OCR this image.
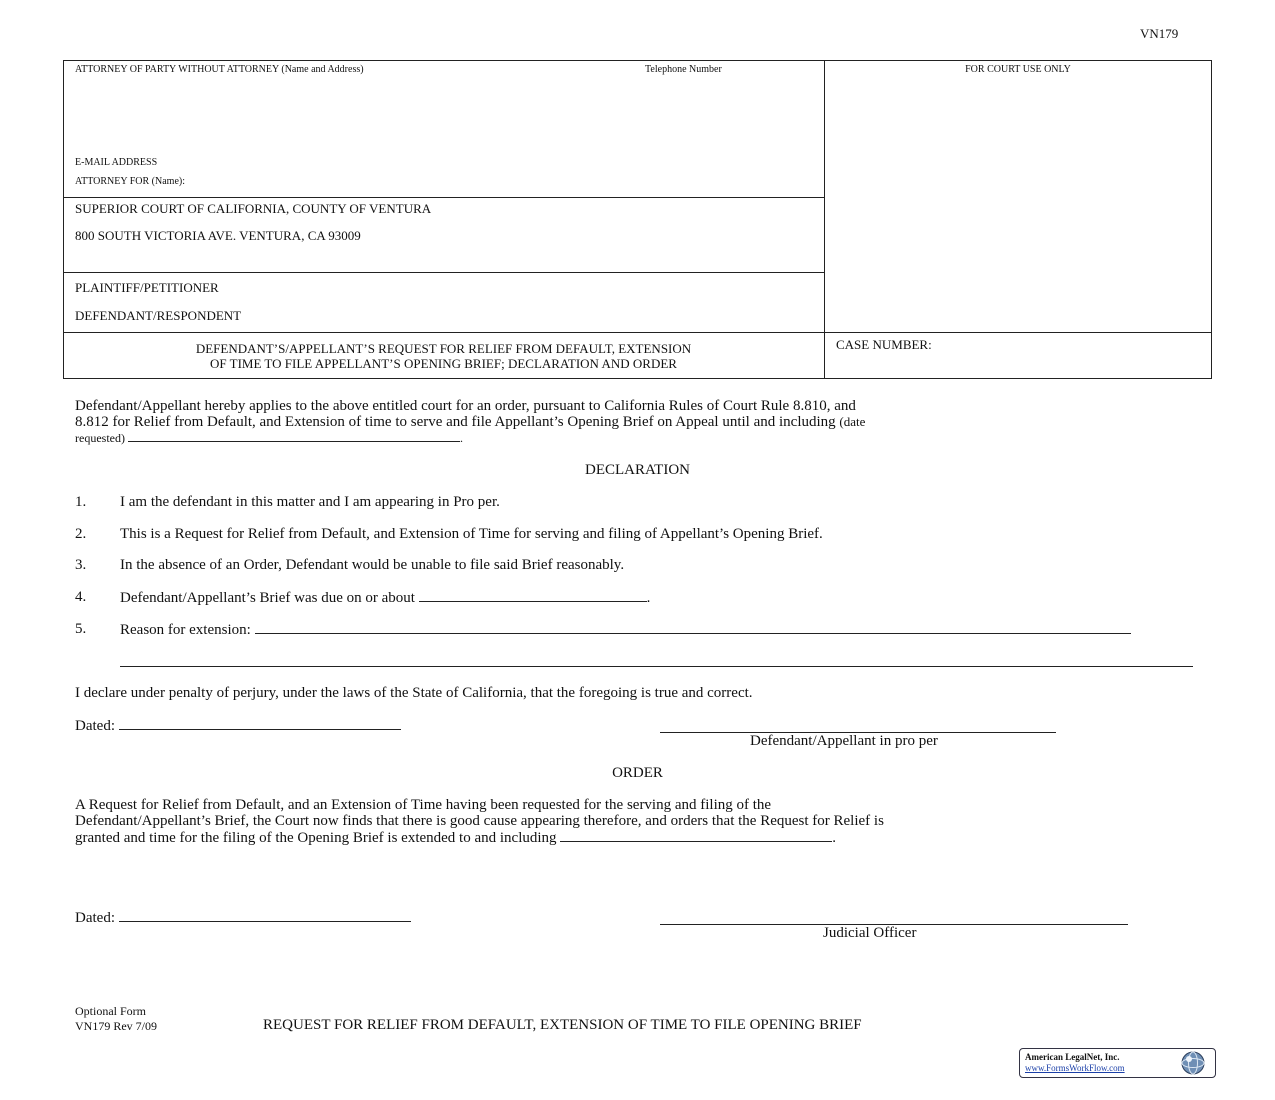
VN179
ATTORNEY OF PARTY WITHOUT ATTORNEY (Name and Address)	Telephone Number	FOR COURT USE ONLY
E-MAIL ADDRESS
ATTORNEY FOR (Name):
SUPERIOR COURT OF CALIFORNIA, COUNTY OF VENTURA
800 SOUTH VICTORIA AVE. VENTURA, CA 93009
PLAINTIFF/PETITIONER
DEFENDANT/RESPONDENT
DEFENDANT’S/APPELLANT’S REQUEST FOR RELIEF FROM DEFAULT, EXTENSION
OF TIME TO FILE APPELLANT’S OPENING BRIEF; DECLARATION AND ORDER
CASE NUMBER:
Defendant/Appellant hereby applies to the above entitled court for an order, pursuant to California Rules of Court Rule 8.810, and
8.812 for Relief from Default, and Extension of time to serve and file Appellant’s Opening Brief on Appeal until and including (date
requested)	.
DECLARATION
1. I am the defendant in this matter and I am appearing in Pro per.
2. This is a Request for Relief from Default, and Extension of Time for serving and filing of Appellant’s Opening Brief.
3. In the absence of an Order, Defendant would be unable to file said Brief reasonably.
4. Defendant/Appellant’s Brief was due on or about	.
5. Reason for extension:
I declare under penalty of perjury, under the laws of the State of California, that the foregoing is true and correct.
Dated:
Defendant/Appellant in pro per
ORDER
A Request for Relief from Default, and an Extension of Time having been requested for the serving and filing of the
Defendant/Appellant’s Brief, the Court now finds that there is good cause appearing therefore, and orders that the Request for Relief is
granted and time for the filing of the Opening Brief is extended to and including	.
Dated:
Judicial Officer
Optional Form
VN179 Rev 7/09	REQUEST FOR RELIEF FROM DEFAULT, EXTENSION OF TIME TO FILE OPENING BRIEF
American LegalNet, Inc.
www.FormsWorkFlow.com
